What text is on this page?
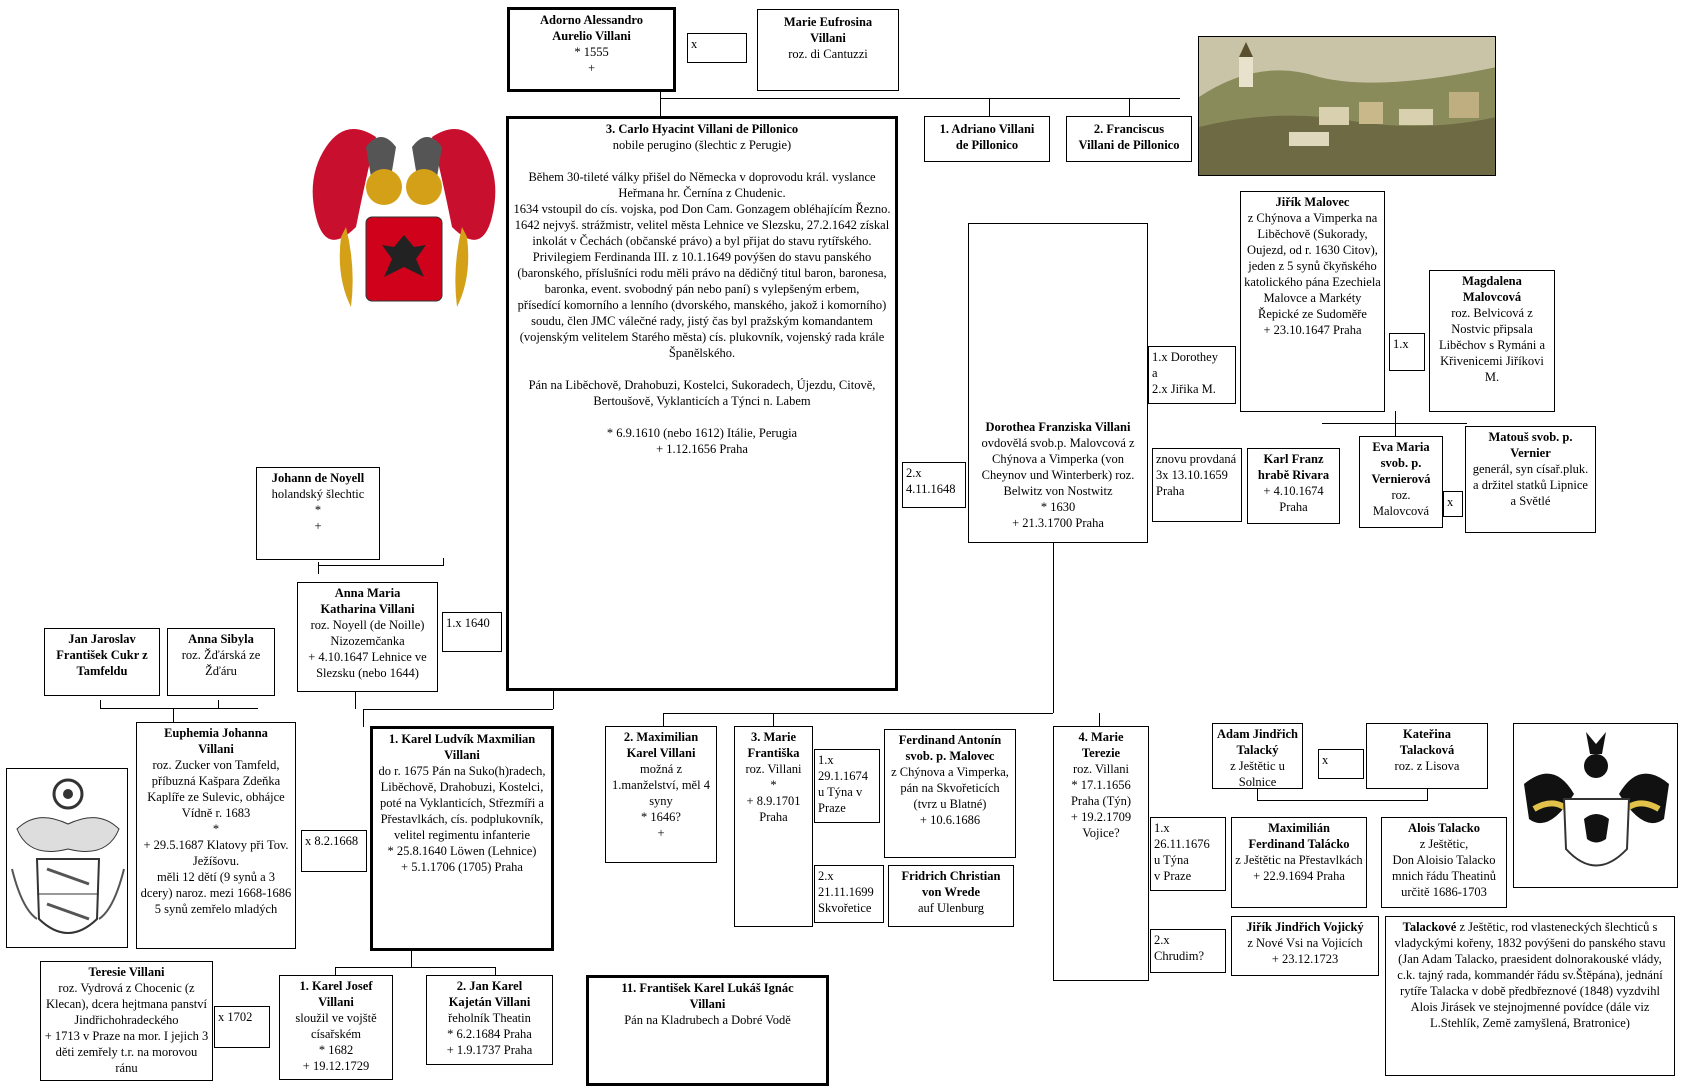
Adorno Alessandro
Aurelio Villani
* 1555
+
x
Marie Eufrosina
Villani
roz. di Cantuzzi
3. Carlo Hyacint Villani de Pillonico
nobile perugino (šlechtic z Perugie)

Během 30-tileté války přišel do Německa v doprovodu král. vyslance Heřmana hr. Černína z Chudenic.
1634 vstoupil do cís. vojska, pod Don Cam. Gonzagem obléhajícím Řezno.
1642 nejvyš. strážmistr, velitel města Lehnice ve Slezsku, 27.2.1642 získal inkolát v Čechách (občanské právo) a byl přijat do stavu rytířského.
Privilegiem Ferdinanda III. z 10.1.1649 povýšen do stavu panského (baronského, příslušníci rodu měli právo na dědičný titul baron, baronesa, baronka, event. svobodný pán nebo paní) s vylepšeným erbem,
přísedící komorního a lenního (dvorského, manského, jakož i komorního) soudu, člen JMC válečné rady, jistý čas byl pražským komandantem (vojenským velitelem Starého města) cís. plukovník, vojenský rada krále Španělského.

Pán na Liběchově, Drahobuzi, Kostelci, Sukoradech, Újezdu, Citově, Bertoušově, Vyklanticích a Týnci n. Labem

* 6.9.1610 (nebo 1612) Itálie, Perugia
+ 1.12.1656 Praha
1. Adriano Villani
de Pillonico
2. Franciscus
Villani de Pillonico
Jiřík Malovec
z Chýnova a Vimperka na Liběchově (Sukorady, Oujezd, od r. 1630 Citov), jeden z 5 synů čkyňského katolického pána Ezechiela Malovce a Markéty Řepické ze Sudoměře
+ 23.10.1647 Praha
1.x
Magdalena
Malovcová
roz. Belvicová z Nostvic připsala Liběchov s Rymáni a Křivenicemi Jiříkovi M.
Dorothea Franziska Villani
ovdovělá svob.p. Malovcová z Chýnova a Vimperka (von Cheynov und Winterberk) roz. Belwitz von Nostwitz
* 1630
+ 21.3.1700 Praha
1.x Dorothey
a
2.x Jiřika M.
2.x
4.11.1648
znovu provdaná
3x 13.10.1659
Praha
Karl Franz
hrabě Rivara
+ 4.10.1674
Praha
Eva Maria
svob. p.
Vernierová
roz.
Malovcová
x
Matouš svob. p.
Vernier
generál, syn císař.pluk. a držitel statků Lipnice a Světlé
Johann de Noyell
holandský šlechtic
*
+
Anna Maria
Katharina Villani
roz. Noyell (de Noille) Nizozemčanka
+ 4.10.1647 Lehnice ve Slezsku (nebo 1644)
1.x 1640
Jan Jaroslav
František Cukr z
Tamfeldu
Anna Sibyla
roz. Žďárská ze Žďáru
Euphemia Johanna
Villani
roz. Zucker von Tamfeld, příbuzná Kašpara Zdeňka Kaplíře ze Sulevic, obhájce Vídně r. 1683
*
+ 29.5.1687 Klatovy při Tov. Ježíšovu.
měli 12 dětí (9 synů a 3 dcery) naroz. mezi 1668-1686
5 synů zemřelo mladých
x 8.2.1668
1. Karel Ludvík Maxmilian
Villani
do r. 1675 Pán na Suko(h)radech, Liběchově, Drahobuzi, Kostelci, poté na Vyklanticích, Střezmíři a Přestavlkách, cís. podplukovník, velitel regimentu infanterie
* 25.8.1640 Löwen (Lehnice)
+ 5.1.1706 (1705) Praha
2. Maximilian
Karel Villani
možná z 1.manželství, měl 4 syny
* 1646?
+
3. Marie
Františka
roz. Villani
*
+ 8.9.1701
Praha
1.x
29.1.1674
u Týna v
Praze
Ferdinand Antonín
svob. p. Malovec
z Chýnova a Vimperka, pán na Skvořeticích (tvrz u Blatné)
+ 10.6.1686
2.x
21.11.1699
Skvořetice
Fridrich Christian
von Wrede
auf Ulenburg
4. Marie
Terezie
roz. Villani
* 17.1.1656
Praha (Týn)
+ 19.2.1709
Vojice?	1.x
26.11.1676
u Týna
v Praze
2.x
Chrudim?
Adam Jindřich
Talacký
z Ještětic u Solnice
x
Kateřina
Talacková
roz. z Lisova
Maximilián
Ferdinand Talácko
z Ještětic na Přestavlkách
+ 22.9.1694 Praha
Alois Talacko
z Ještětic,
Don Aloisio Talacko
mnich řádu Theatinů určitě 1686-1703
Jiřík Jindřich Vojický
z Nové Vsi na Vojicích
+ 23.12.1723
Talackové z Ještětic, rod vlasteneckých šlechticů s vladyckými kořeny, 1832 povýšeni do panského stavu (Jan Adam Talacko, praesident dolnorakouské vlády, c.k. tajný rada, kommandér řádu sv.Štěpána), jednání rytíře Talacka v době předbřeznové (1848) vyzdvihl Alois Jirásek ve stejnojmenné povídce (dále viz L.Stehlík, Země zamyšlená, Bratronice)
Teresie Villani
roz. Vydrová z Chocenic (z Klecan), dcera hejtmana panství Jindřichohradeckého
+ 1713 v Praze na mor. I jejich 3 děti zemřely t.r. na morovou ránu
x 1702
1. Karel Josef
Villani
sloužil ve vojště císařském
* 1682
+ 19.12.1729
2. Jan Karel
Kajetán Villani
řeholník Theatin
* 6.2.1684 Praha
+ 1.9.1737 Praha
11. František Karel Lukáš Ignác
Villani
Pán na Kladrubech a Dobré Vodě
